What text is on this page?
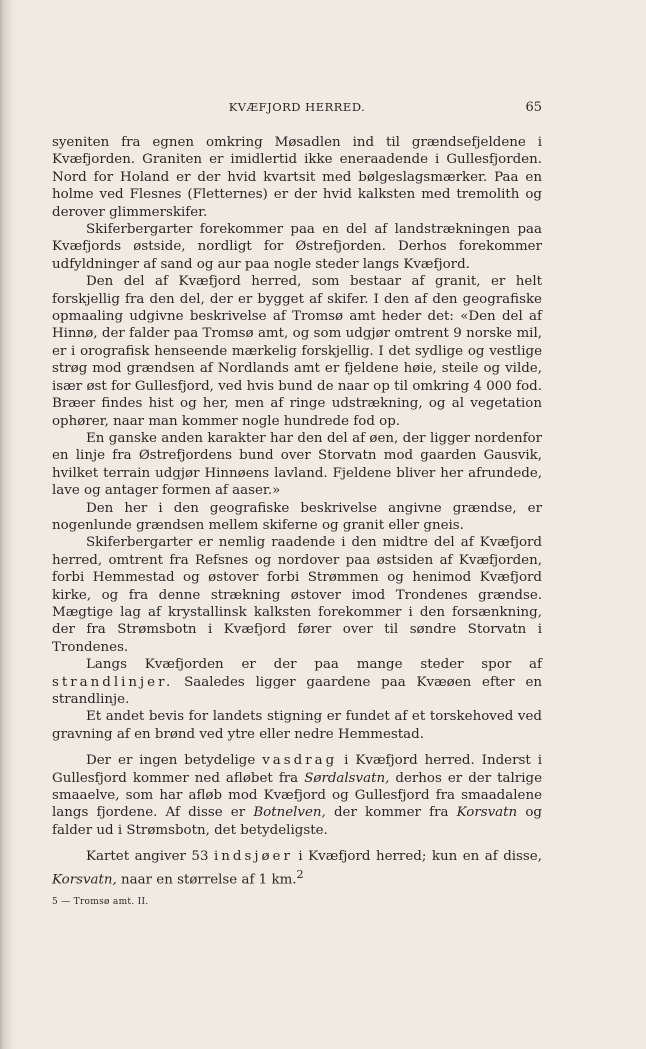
KVÆFJORD HERRED.	65

syeniten fra egnen omkring Møsadlen ind til grændsefjeldene i Kvæfjorden. Graniten er imidlertid ikke eneraadende i Gullesfjorden. Nord for Holand er der hvid kvartsit med bølgeslagsmærker. Paa en holme ved Flesnes (Fletternes) er der hvid kalksten med tremolith og derover glimmerskifer.

Skiferbergarter forekommer paa en del af landstrækningen paa Kvæfjords østside, nordligt for Østrefjorden. Derhos forekommer udfyldninger af sand og aur paa nogle steder langs Kvæfjord.

Den del af Kvæfjord herred, som bestaar af granit, er helt forskjellig fra den del, der er bygget af skifer. I den af den geografiske opmaaling udgivne beskrivelse af Tromsø amt heder det: «Den del af Hinnø, der falder paa Tromsø amt, og som udgjør omtrent 9 norske mil, er i orografisk henseende mærkelig forskjellig. I det sydlige og vestlige strøg mod grændsen af Nordlands amt er fjeldene høie, steile og vilde, især øst for Gullesfjord, ved hvis bund de naar op til omkring 4 000 fod. Bræer findes hist og her, men af ringe udstrækning, og al vegetation ophører, naar man kommer nogle hundrede fod op.

En ganske anden karakter har den del af øen, der ligger nordenfor en linje fra Østrefjordens bund over Storvatn mod gaarden Gausvik, hvilket terrain udgjør Hinnøens lavland. Fjeldene bliver her afrundede, lave og antager formen af aaser.»

Den her i den geografiske beskrivelse angivne grændse, er nogenlunde grændsen mellem skiferne og granit eller gneis.

Skiferbergarter er nemlig raadende i den midtre del af Kvæfjord herred, omtrent fra Refsnes og nordover paa østsiden af Kvæfjorden, forbi Hemmestad og østover forbi Strømmen og henimod Kvæfjord kirke, og fra denne strækning østover imod Trondenes grændse. Mægtige lag af krystallinsk kalksten forekommer i den forsænkning, der fra Strømsbotn i Kvæfjord fører over til søndre Storvatn i Trondenes.

Langs Kvæfjorden er der paa mange steder spor af strandlinjer. Saaledes ligger gaardene paa Kvæøen efter en strandlinje.

Et andet bevis for landets stigning er fundet af et torskehoved ved gravning af en brønd ved ytre eller nedre Hemmestad.

Der er ingen betydelige vasdrag i Kvæfjord herred. Inderst i Gullesfjord kommer ned afløbet fra Sørdalsvatn, derhos er der talrige smaaelve, som har afløb mod Kvæfjord og Gullesfjord fra smaadalene langs fjordene. Af disse er Botnelven, der kommer fra Korsvatn og falder ud i Strømsbotn, det betydeligste.

Kartet angiver 53 indsjøer i Kvæfjord herred; kun en af disse, Korsvatn, naar en størrelse af 1 km.$^2$

5 — Tromsø amt. II.
